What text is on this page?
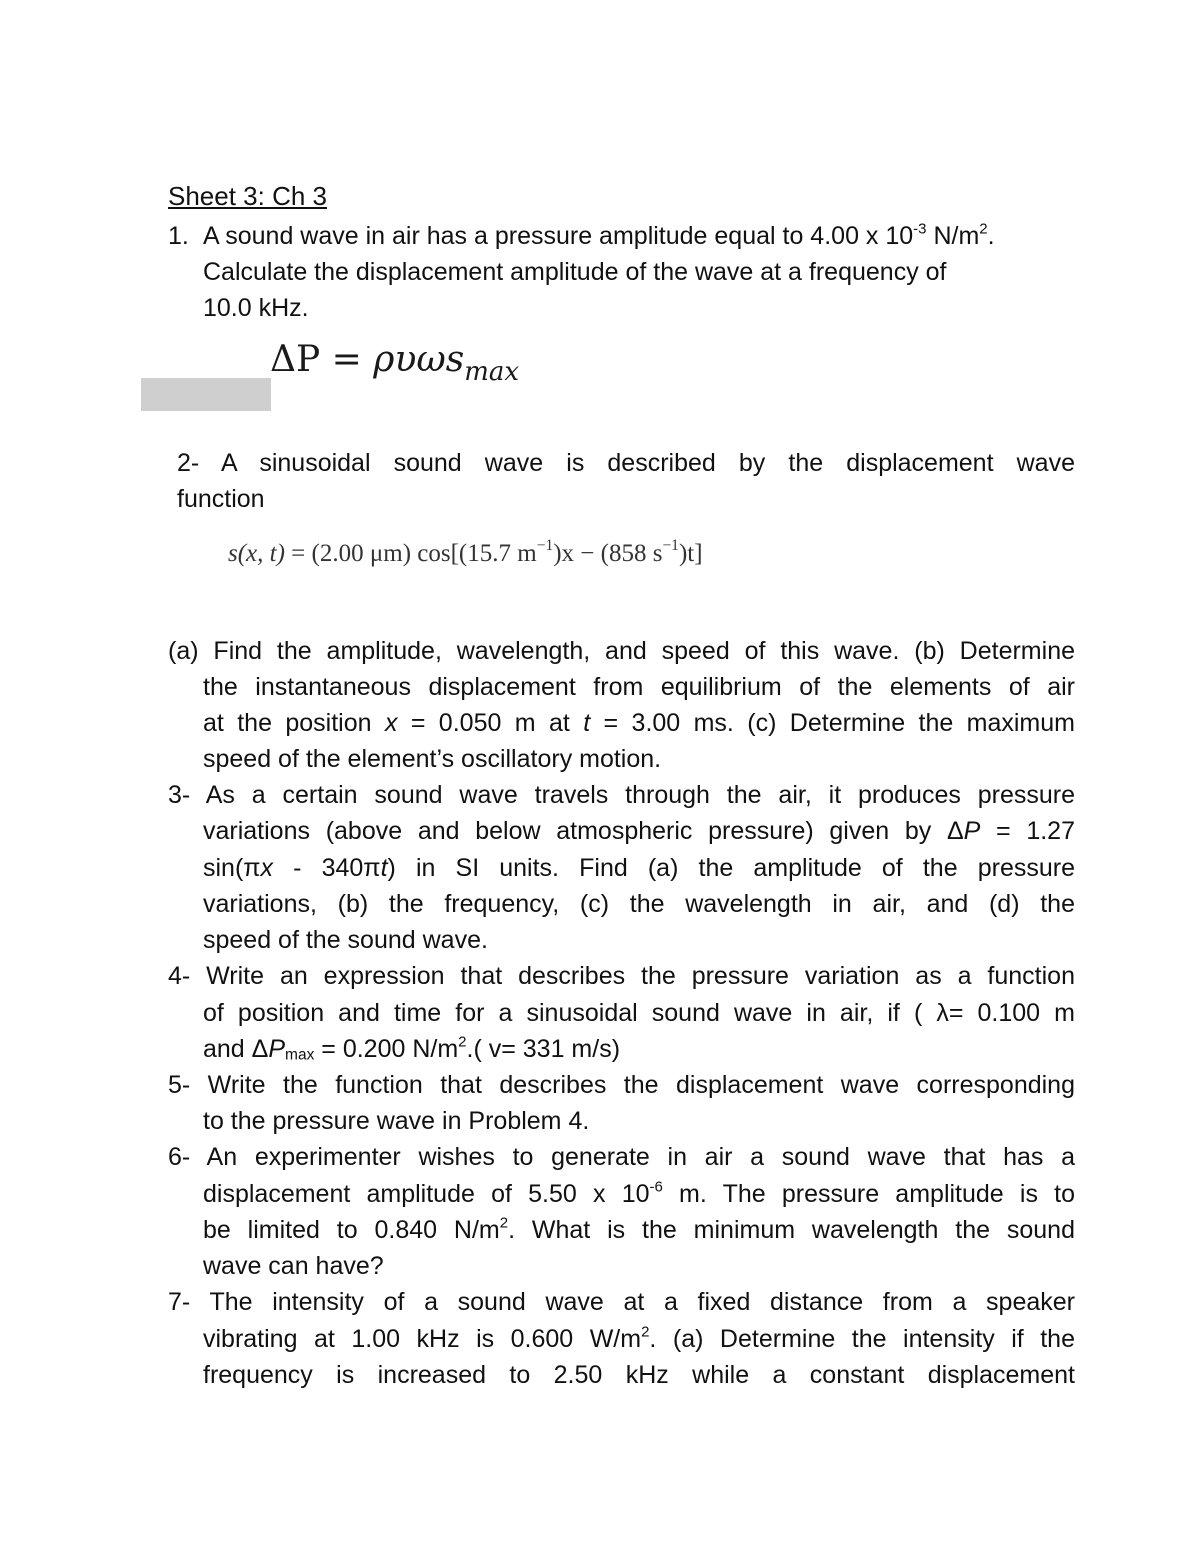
Sheet 3: Ch 3
1. A sound wave in air has a pressure amplitude equal to 4.00 x $10^{-3}$ $N/m^2$.
Calculate the displacement amplitude of the wave at a frequency of
10.0 kHz.
ΔP = ρυωs$_{max}$
2- A sinusoidal sound wave is described by the displacement wave
function
s(x, t) = (2.00 μm) cos[(15.7 $m^{-1})x - (858$ $s^{-1})t$]
(a) Find the amplitude, wavelength, and speed of this wave. (b) Determine
the instantaneous displacement from equilibrium of the elements of air
at the position x = 0.050 m at t = 3.00 ms. (c) Determine the maximum
speed of the element’s oscillatory motion.
3- As a certain sound wave travels through the air, it produces pressure
variations (above and below atmospheric pressure) given by ΔP = 1.27
sin(πx - 340πt) in SI units. Find (a) the amplitude of the pressure
variations, (b) the frequency, (c) the wavelength in air, and (d) the
speed of the sound wave.
4- Write an expression that describes the pressure variation as a function
of position and time for a sinusoidal sound wave in air, if ( λ= 0.100 m
and $\Delta P_{max} = 0.200$ $N/m^2$.( v= 331 m/s)
5- Write the function that describes the displacement wave corresponding
to the pressure wave in Problem 4.
6- An experimenter wishes to generate in air a sound wave that has a
displacement amplitude of 5.50 x $10^{-6}$ m. The pressure amplitude is to
be limited to 0.840 $N/m^2$. What is the minimum wavelength the sound
wave can have?
7- The intensity of a sound wave at a fixed distance from a speaker
vibrating at 1.00 kHz is 0.600 $W/m^2$. (a) Determine the intensity if the
frequency is increased to 2.50 kHz while a constant displacement
